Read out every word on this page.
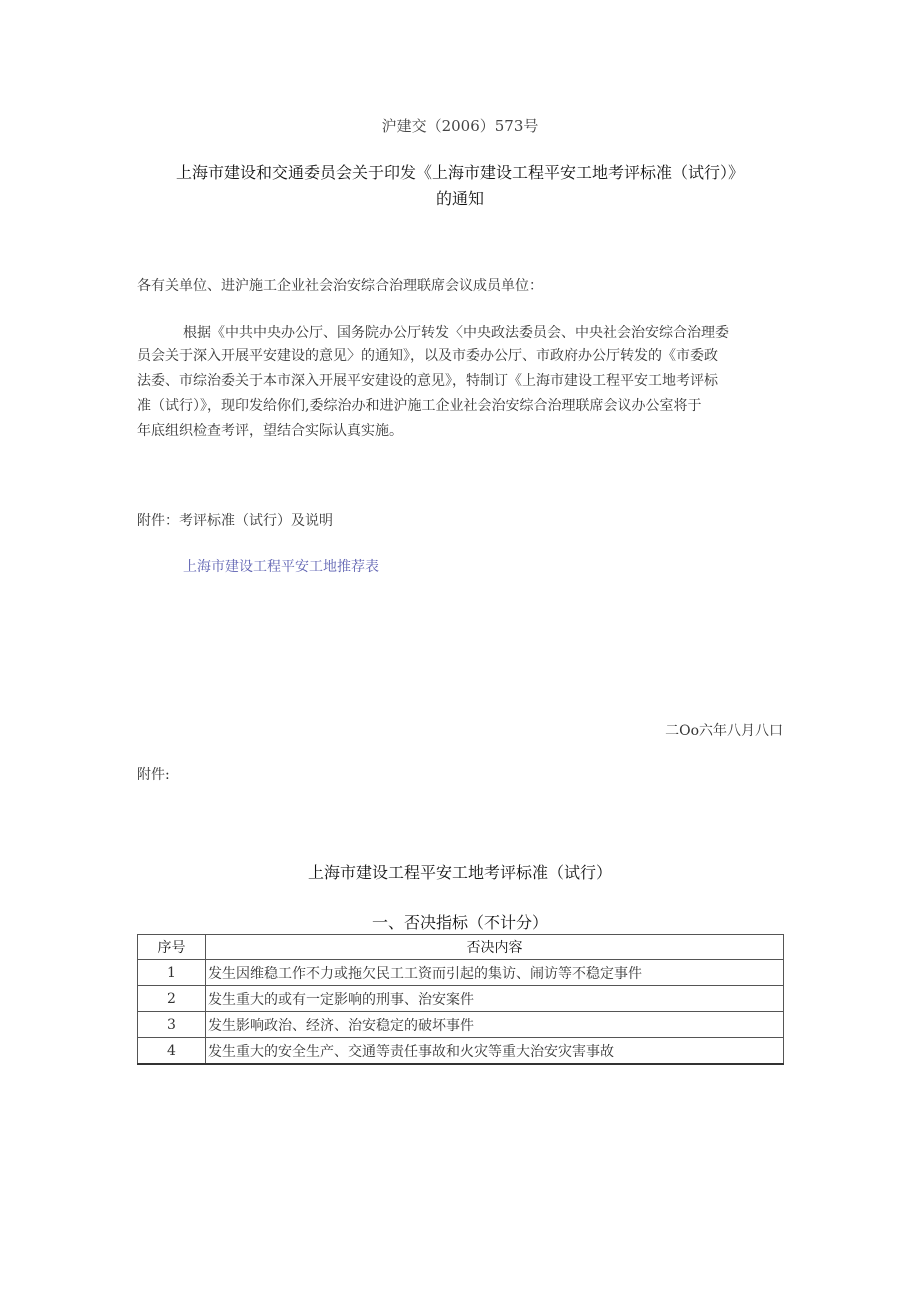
沪建交（2006）573号
上海市建设和交通委员会关于印发《上海市建设工程平安工地考评标准（试行）》
的通知
各有关单位、进沪施工企业社会治安综合治理联席会议成员单位：
根据《中共中央办公厅、国务院办公厅转发〈中央政法委员会、中央社会治安综合治理委
员会关于深入开展平安建设的意见〉的通知》，以及市委办公厅、市政府办公厅转发的《市委政
法委、市综治委关于本市深入开展平安建设的意见》，特制订《上海市建设工程平安工地考评标
准（试行）》，现印发给你们,委综治办和进沪施工企业社会治安综合治理联席会议办公室将于
年底组织检查考评，望结合实际认真实施。
附件：考评标准（试行）及说明
上海市建设工程平安工地推荐表
二Oo六年八月八口
附件:
上海市建设工程平安工地考评标准（试行）
一、否决指标（不计分）
序号	否决内容
1	发生因维稳工作不力或拖欠民工工资而引起的集访、闹访等不稳定事件
2	发生重大的或有一定影响的刑事、治安案件
3	发生影响政治、经济、治安稳定的破坏事件
4	发生重大的安全生产、交通等责任事故和火灾等重大治安灾害事故
